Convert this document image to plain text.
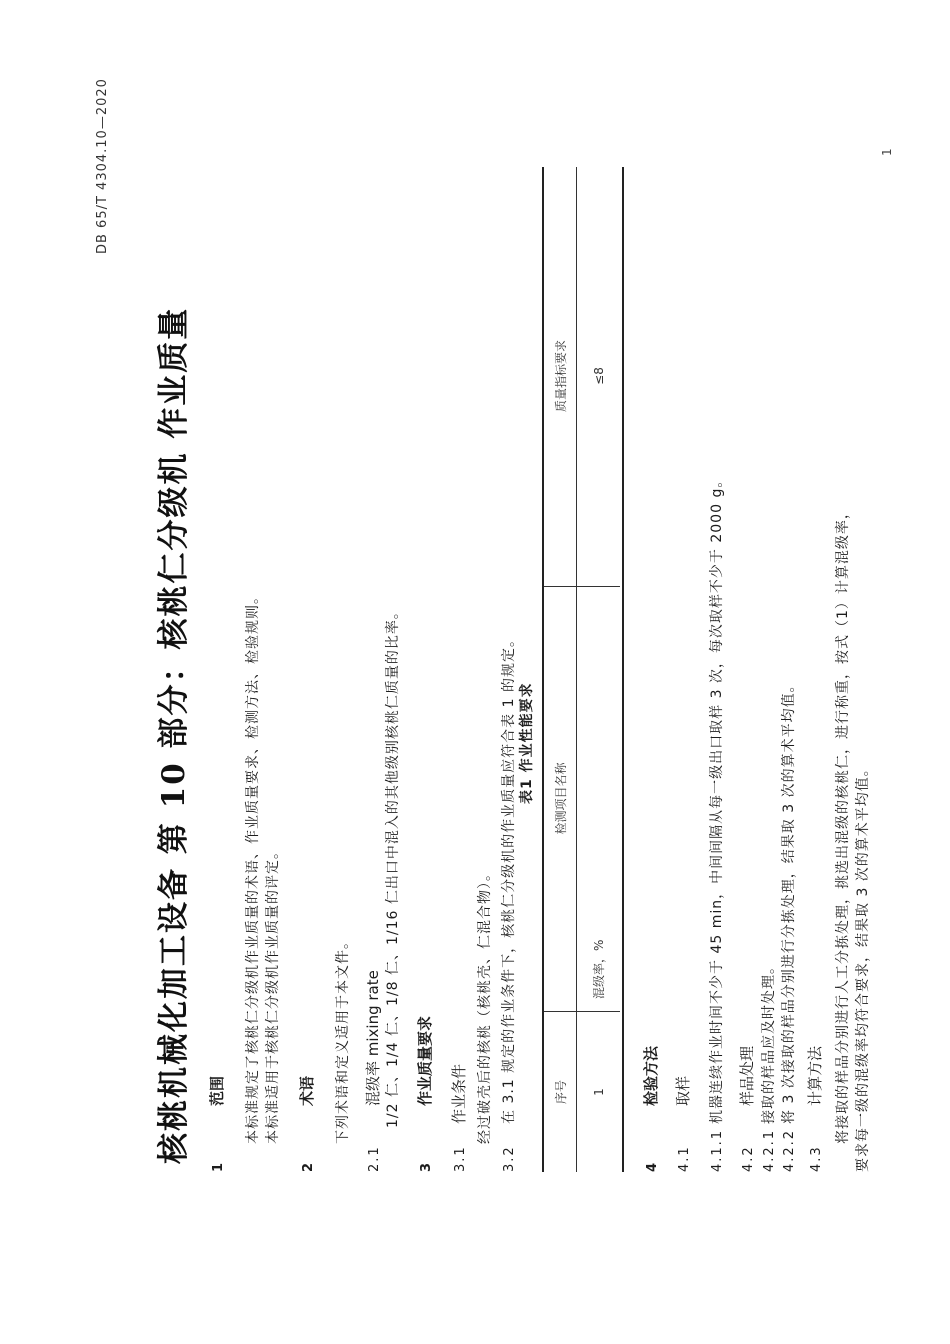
DB 65/T 4304.10—2020	1
核桃机械化加工设备 第 10 部分：核桃仁分级机 作业质量
1范围 本标准规定了核桃仁分级机作业质量的术语、作业质量要求、检测方法、检验规则。 本标准适用于核桃仁分级机作业质量的评定。
2术语 下列术语和定义适用于本文件。
2.1混级率 mixing rate 1/2 仁、1/4 仁、1/8 仁、1/16 仁出口中混入的其他级别核桃仁质量的比率。
3作业质量要求
3.1作业条件 经过破壳后的核桃（核桃壳、仁混合物）。
3.2在 3.1 规定的作业条件下，核桃仁分级机的作业质量应符合表 1 的规定。 表1 作业性能要求
序号
检测项目名称
质量指标要求
1
混级率，%
≤8
4检验方法
4.1取样
4.1.1机器连续作业时间不少于 45 min，中间间隔从每一级出口取样 3 次，每次取样不少于 2000 g。
4.2样品处理
4.2.1接取的样品应及时处理。
4.2.2将 3 次接取的样品分别进行分拣处理，结果取 3 次的算术平均值。
4.3计算方法 将接取的样品分别进行人工分拣处理，挑选出混级的核桃仁，进行称重，按式（1）计算混级率， 要求每一级的混级率均符合要求，结果取 3 次的算术平均值。
